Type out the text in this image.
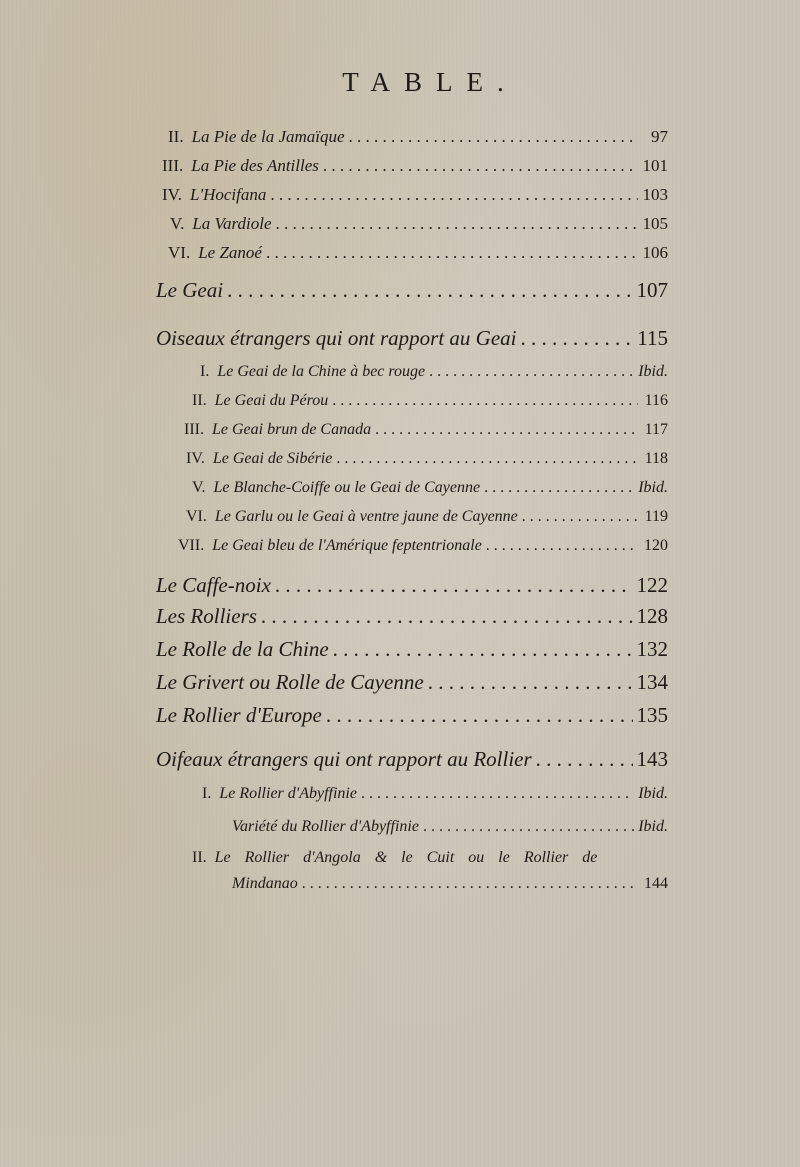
TABLE.
II. La Pie de la Jamaïque . . .	97
III. La Pie des Antilles . . .	101
IV. L'Hocifana . . .	103
V. La Vardiole . . .	105
VI. Le Zanoé . . .	106
Le Geai . . .	107
Oiseaux étrangers qui ont rapport au Geai . . .	115
I. Le Geai de la Chine à bec rouge . . .	Ibid.
II. Le Geai du Pérou . . .	116
III. Le Geai brun de Canada . . .	117
IV. Le Geai de Sibérie . . .	118
V. Le Blanche-Coiffe ou le Geai de Cayenne . . .	Ibid.
VI. Le Garlu ou le Geai à ventre jaune de Cayenne . . .	119
VII. Le Geai bleu de l'Amérique feptentrionale . . .	120
Le Caffe-noix . . .	122
Les Rolliers . . .	128
Le Rolle de la Chine . . .	132
Le Grivert ou Rolle de Cayenne . . .	134
Le Rollier d'Europe . . .	135
Oifeaux étrangers qui ont rapport au Rollier . . .	143
I. Le Rollier d'Abyffinie . . .	Ibid.
Variété du Rollier d'Abyffinie . . .	Ibid.
II. Le Rollier d'Angola & le Cuit ou le Rollier de
Mindanao . . .	144
